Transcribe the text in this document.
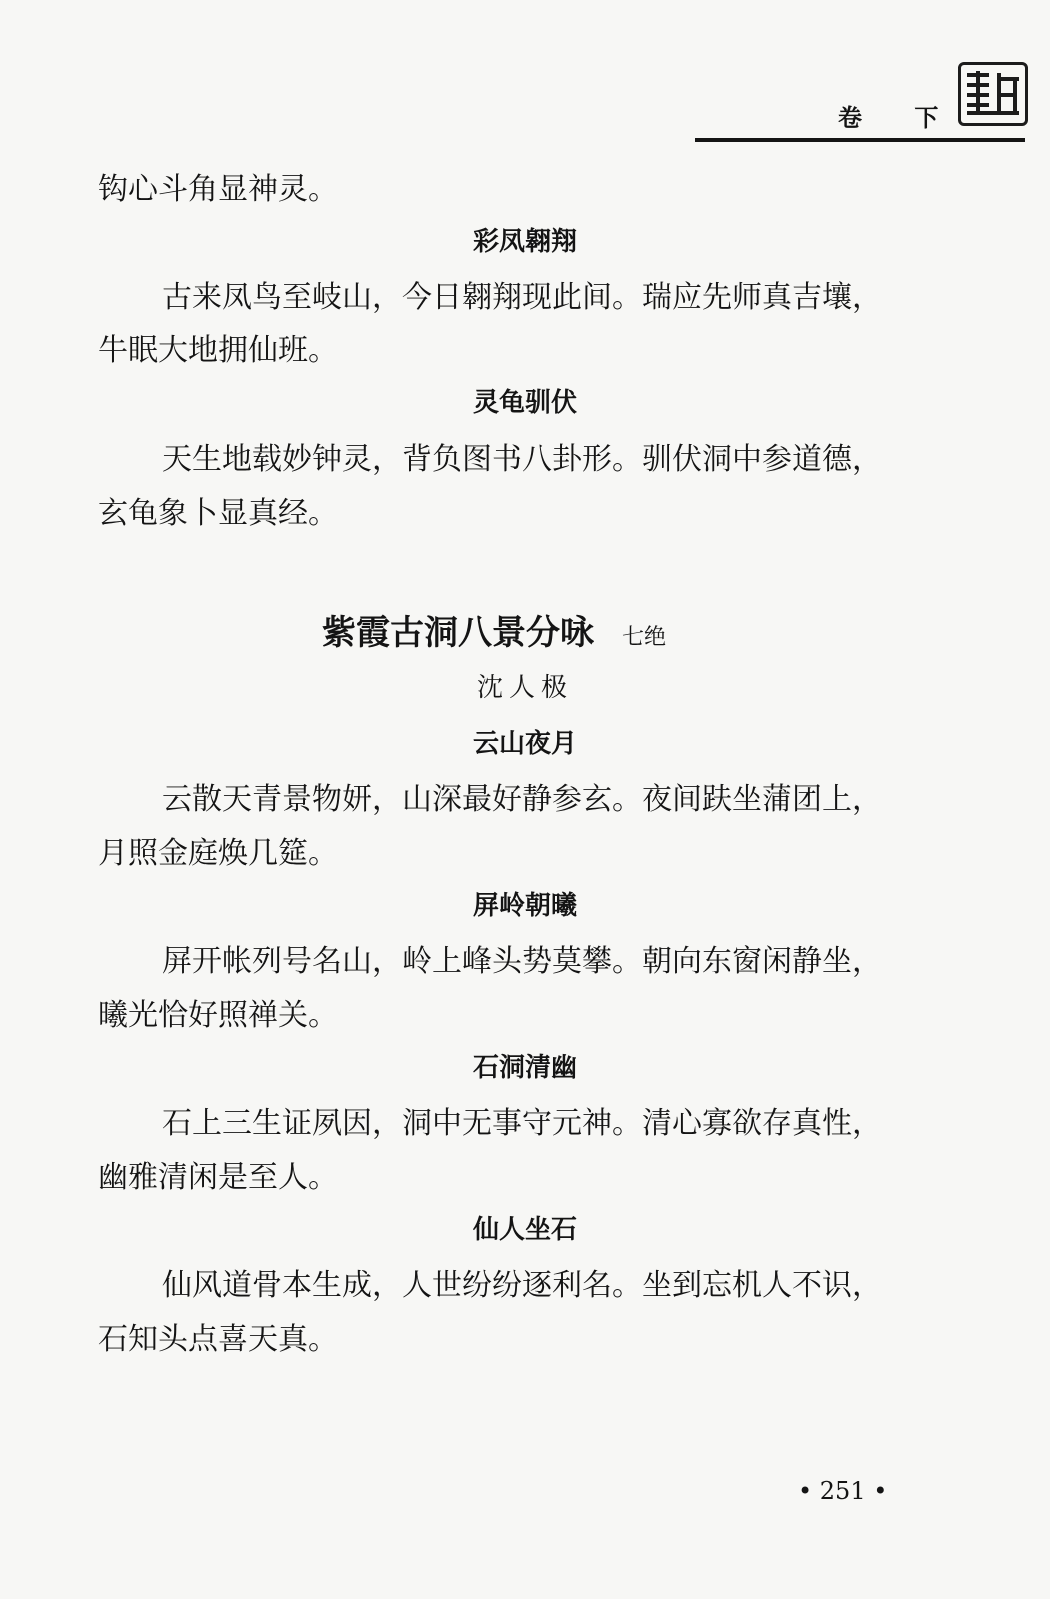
卷 下
钩心斗角显神灵。
彩凤翱翔
古来凤鸟至岐山，今日翱翔现此间。瑞应先师真吉壤，
牛眠大地拥仙班。
灵龟驯伏
天生地载妙钟灵，背负图书八卦形。驯伏洞中参道德，
玄龟象卜显真经。
紫霞古洞八景分咏 七绝
沈人极
云山夜月
云散天青景物妍，山深最好静参玄。夜间趺坐蒲团上，
月照金庭焕几筵。
屏岭朝曦
屏开帐列号名山，岭上峰头势莫攀。朝向东窗闲静坐，
曦光恰好照禅关。
石洞清幽
石上三生证夙因，洞中无事守元神。清心寡欲存真性，
幽雅清闲是至人。
仙人坐石
仙风道骨本生成，人世纷纷逐利名。坐到忘机人不识，
石知头点喜天真。
• 251 •
